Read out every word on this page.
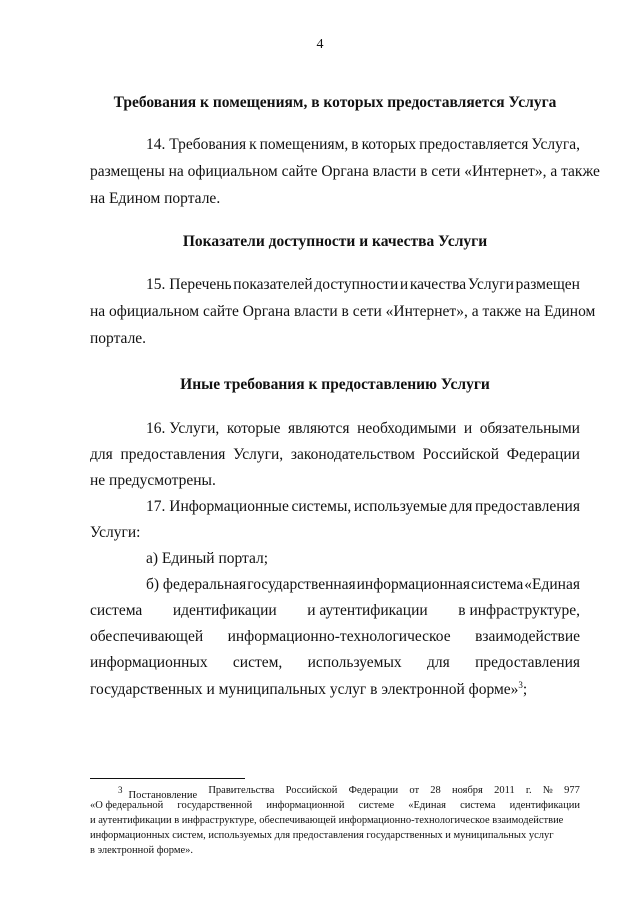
4
Требования к помещениям, в которых предоставляется Услуга
14. Требования к помещениям, в которых предоставляется Услуга,
размещены на официальном сайте Органа власти в сети «Интернет», а также
на Едином портале.
Показатели доступности и качества Услуги
15. Перечень показателей доступности и качества Услуги размещен
на официальном сайте Органа власти в сети «Интернет», а также на Едином
портале.
Иные требования к предоставлению Услуги
16. Услуги, которые являются необходимыми и обязательными
для предоставления Услуги, законодательством Российской Федерации
не предусмотрены.
17. Информационные системы, используемые для предоставления
Услуги:
а) Единый портал;
б) федеральная государственная информационная система «Единая
система идентификации и аутентификации в инфраструктуре,
обеспечивающей информационно-технологическое взаимодействие
информационных систем, используемых для предоставления
государственных и муниципальных услуг в электронной форме»$^3$;
$^3$ Постановление Правительства Российской Федерации от 28 ноября 2011 г. № 977
«О федеральной государственной информационной системе «Единая система идентификации
и аутентификации в инфраструктуре, обеспечивающей информационно-технологическое взаимодействие
информационных систем, используемых для предоставления государственных и муниципальных услуг
в электронной форме».
